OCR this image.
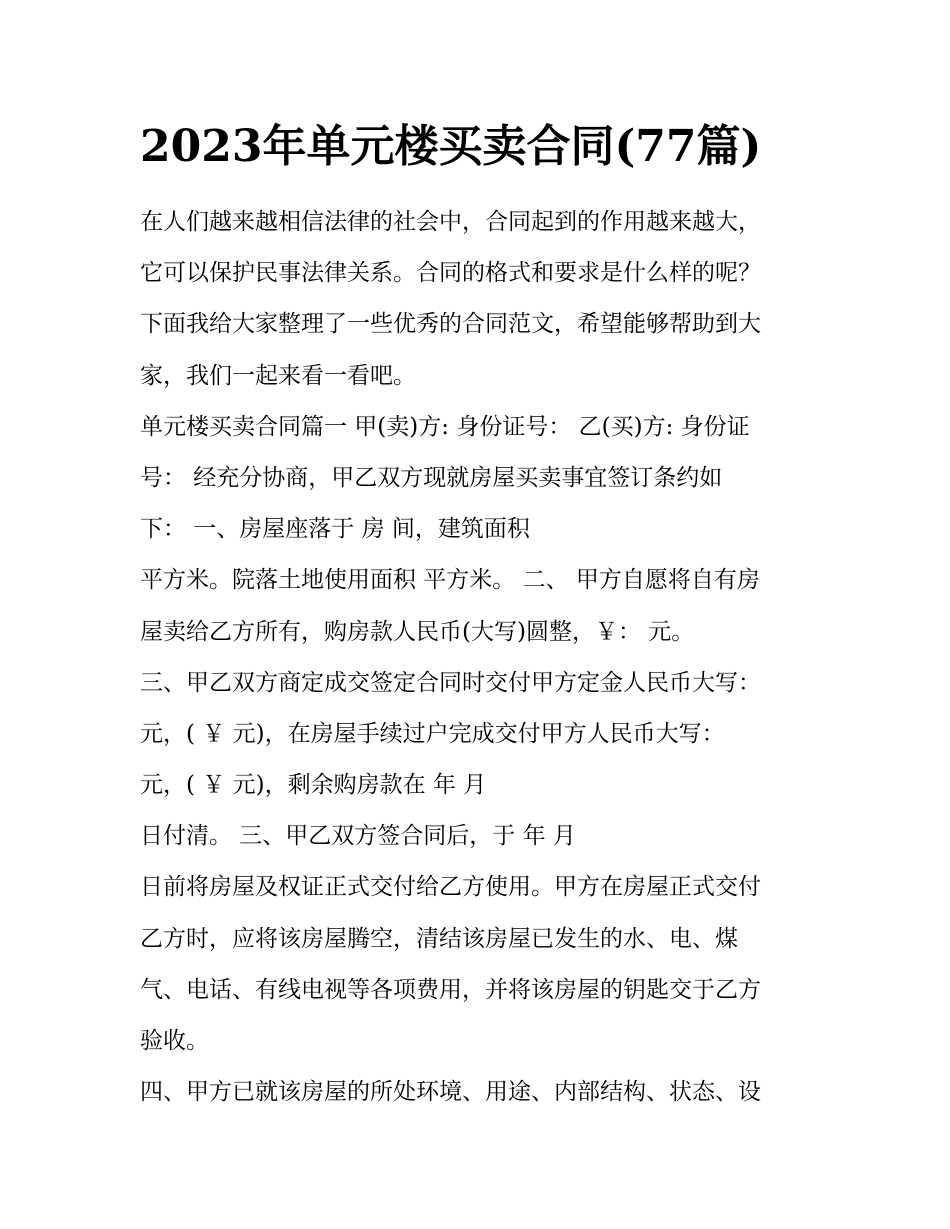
2023年单元楼买卖合同(77篇)
在人们越来越相信法律的社会中，合同起到的作用越来越大，
它可以保护民事法律关系。合同的格式和要求是什么样的呢？
下面我给大家整理了一些优秀的合同范文，希望能够帮助到大
家，我们一起来看一看吧。
单元楼买卖合同篇一 甲(卖)方: 身份证号： 乙(买)方: 身份证
号： 经充分协商，甲乙双方现就房屋买卖事宜签订条约如
下： 一、房屋座落于 房 间，建筑面积
平方米。院落土地使用面积 平方米。 二、 甲方自愿将自有房
屋卖给乙方所有，购房款人民币(大写)圆整，￥： 元。
三、甲乙双方商定成交签定合同时交付甲方定金人民币大写：
元，( ￥ 元)，在房屋手续过户完成交付甲方人民币大写：
元，( ￥ 元)，剩余购房款在 年 月
日付清。 三、甲乙双方签合同后，于 年 月
日前将房屋及权证正式交付给乙方使用。甲方在房屋正式交付
乙方时，应将该房屋腾空，清结该房屋已发生的水、电、煤
气、电话、有线电视等各项费用，并将该房屋的钥匙交于乙方
验收。
四、甲方已就该房屋的所处环境、用途、内部结构、状态、设
